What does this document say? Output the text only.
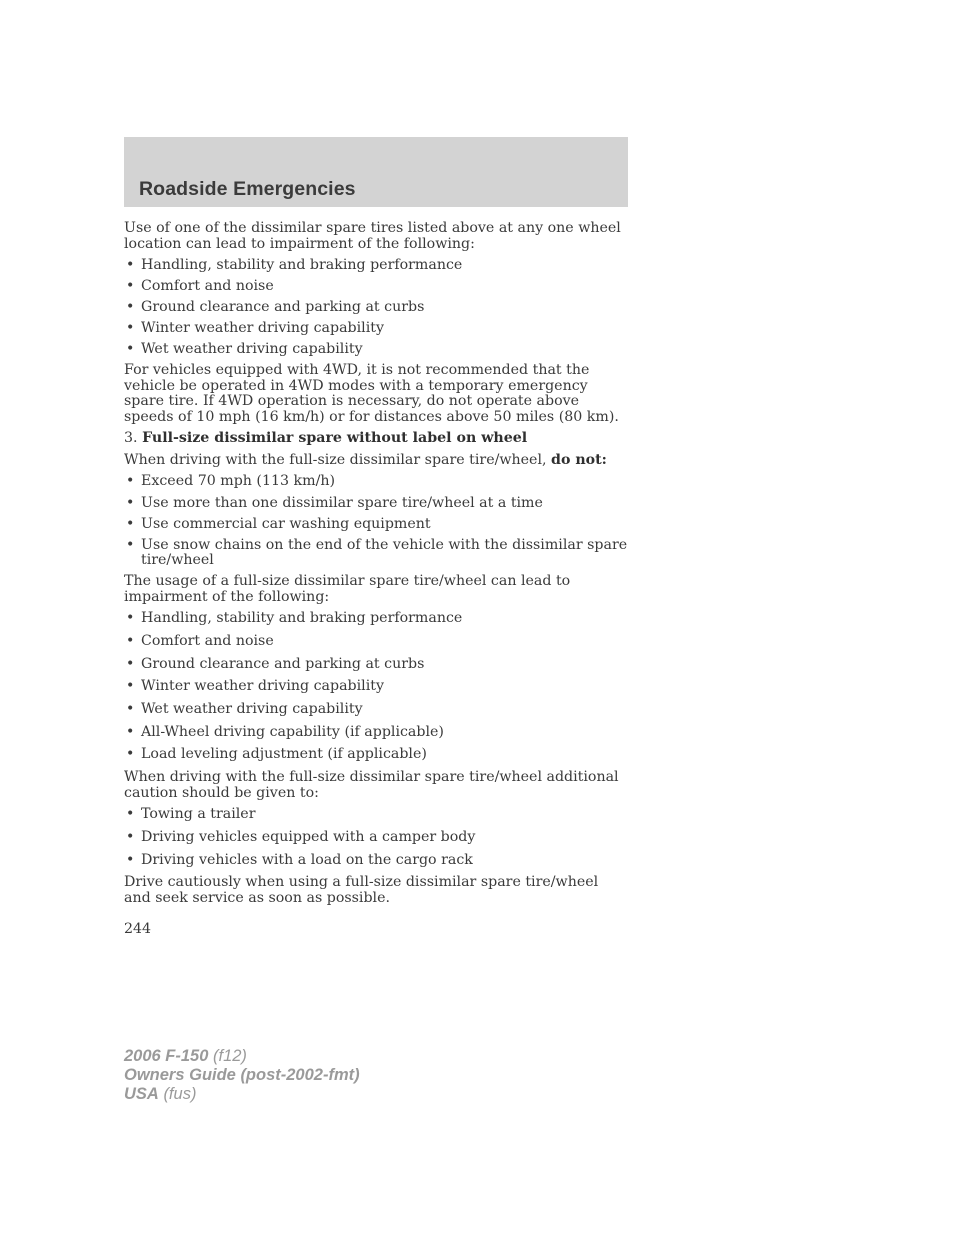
Roadside Emergencies

Use of one of the dissimilar spare tires listed above at any one wheel location can lead to impairment of the following:

• Handling, stability and braking performance
• Comfort and noise
• Ground clearance and parking at curbs
• Winter weather driving capability
• Wet weather driving capability

For vehicles equipped with 4WD, it is not recommended that the vehicle be operated in 4WD modes with a temporary emergency spare tire. If 4WD operation is necessary, do not operate above speeds of 10 mph (16 km/h) or for distances above 50 miles (80 km).

3. Full-size dissimilar spare without label on wheel

When driving with the full-size dissimilar spare tire/wheel, do not:

• Exceed 70 mph (113 km/h)
• Use more than one dissimilar spare tire/wheel at a time
• Use commercial car washing equipment
• Use snow chains on the end of the vehicle with the dissimilar spare tire/wheel

The usage of a full-size dissimilar spare tire/wheel can lead to impairment of the following:

• Handling, stability and braking performance
• Comfort and noise
• Ground clearance and parking at curbs
• Winter weather driving capability
• Wet weather driving capability
• All-Wheel driving capability (if applicable)
• Load leveling adjustment (if applicable)

When driving with the full-size dissimilar spare tire/wheel additional caution should be given to:

• Towing a trailer
• Driving vehicles equipped with a camper body
• Driving vehicles with a load on the cargo rack

Drive cautiously when using a full-size dissimilar spare tire/wheel and seek service as soon as possible.

244
2006 F-150 (f12)
Owners Guide (post-2002-fmt)
USA (fus)
